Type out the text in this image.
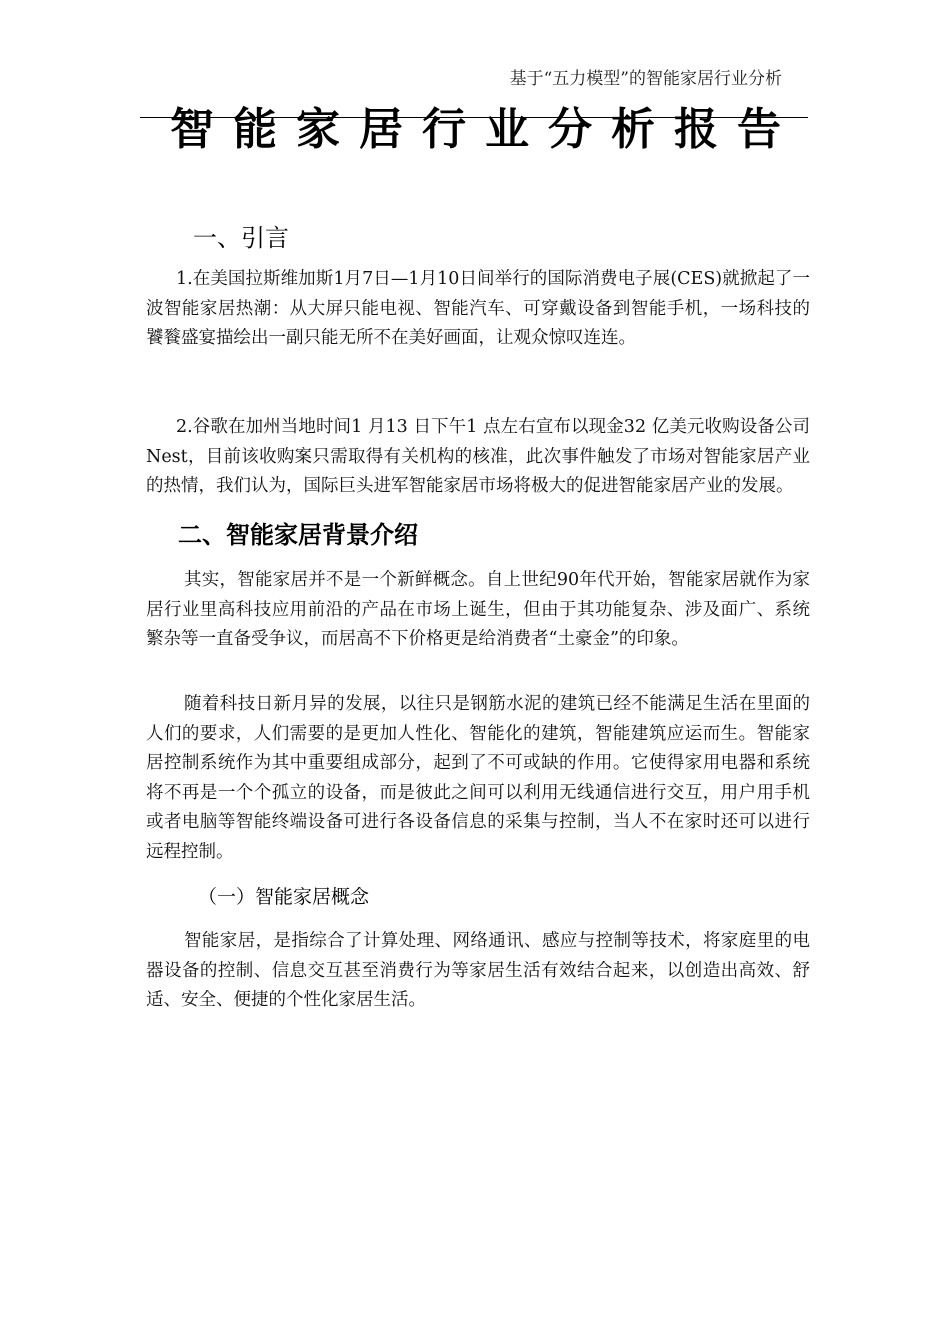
基于“五力模型”的智能家居行业分析
智能家居行业分析报告
一、引言

1.在美国拉斯维加斯1月7日—1月10日间举行的国际消费电子展(CES)就掀起了一波智能家居热潮：从大屏只能电视、智能汽车、可穿戴设备到智能手机，一场科技的饕餮盛宴描绘出一副只能无所不在美好画面，让观众惊叹连连。

2.谷歌在加州当地时间1 月13 日下午1 点左右宣布以现金32 亿美元收购设备公司 Nest，目前该收购案只需取得有关机构的核准，此次事件触发了市场对智能家居产业的热情，我们认为，国际巨头进军智能家居市场将极大的促进智能家居产业的发展。

二、智能家居背景介绍

其实，智能家居并不是一个新鲜概念。自上世纪90年代开始，智能家居就作为家居行业里高科技应用前沿的产品在市场上诞生，但由于其功能复杂、涉及面广、系统繁杂等一直备受争议，而居高不下价格更是给消费者“土豪金”的印象。

随着科技日新月异的发展，以往只是钢筋水泥的建筑已经不能满足生活在里面的人们的要求，人们需要的是更加人性化、智能化的建筑，智能建筑应运而生。智能家居控制系统作为其中重要组成部分，起到了不可或缺的作用。它使得家用电器和系统将不再是一个个孤立的设备，而是彼此之间可以利用无线通信进行交互，用户用手机或者电脑等智能终端设备可进行各设备信息的采集与控制，当人不在家时还可以进行远程控制。

（一）智能家居概念

智能家居，是指综合了计算处理、网络通讯、感应与控制等技术，将家庭里的电器设备的控制、信息交互甚至消费行为等家居生活有效结合起来，以创造出高效、舒适、安全、便捷的个性化家居生活。
